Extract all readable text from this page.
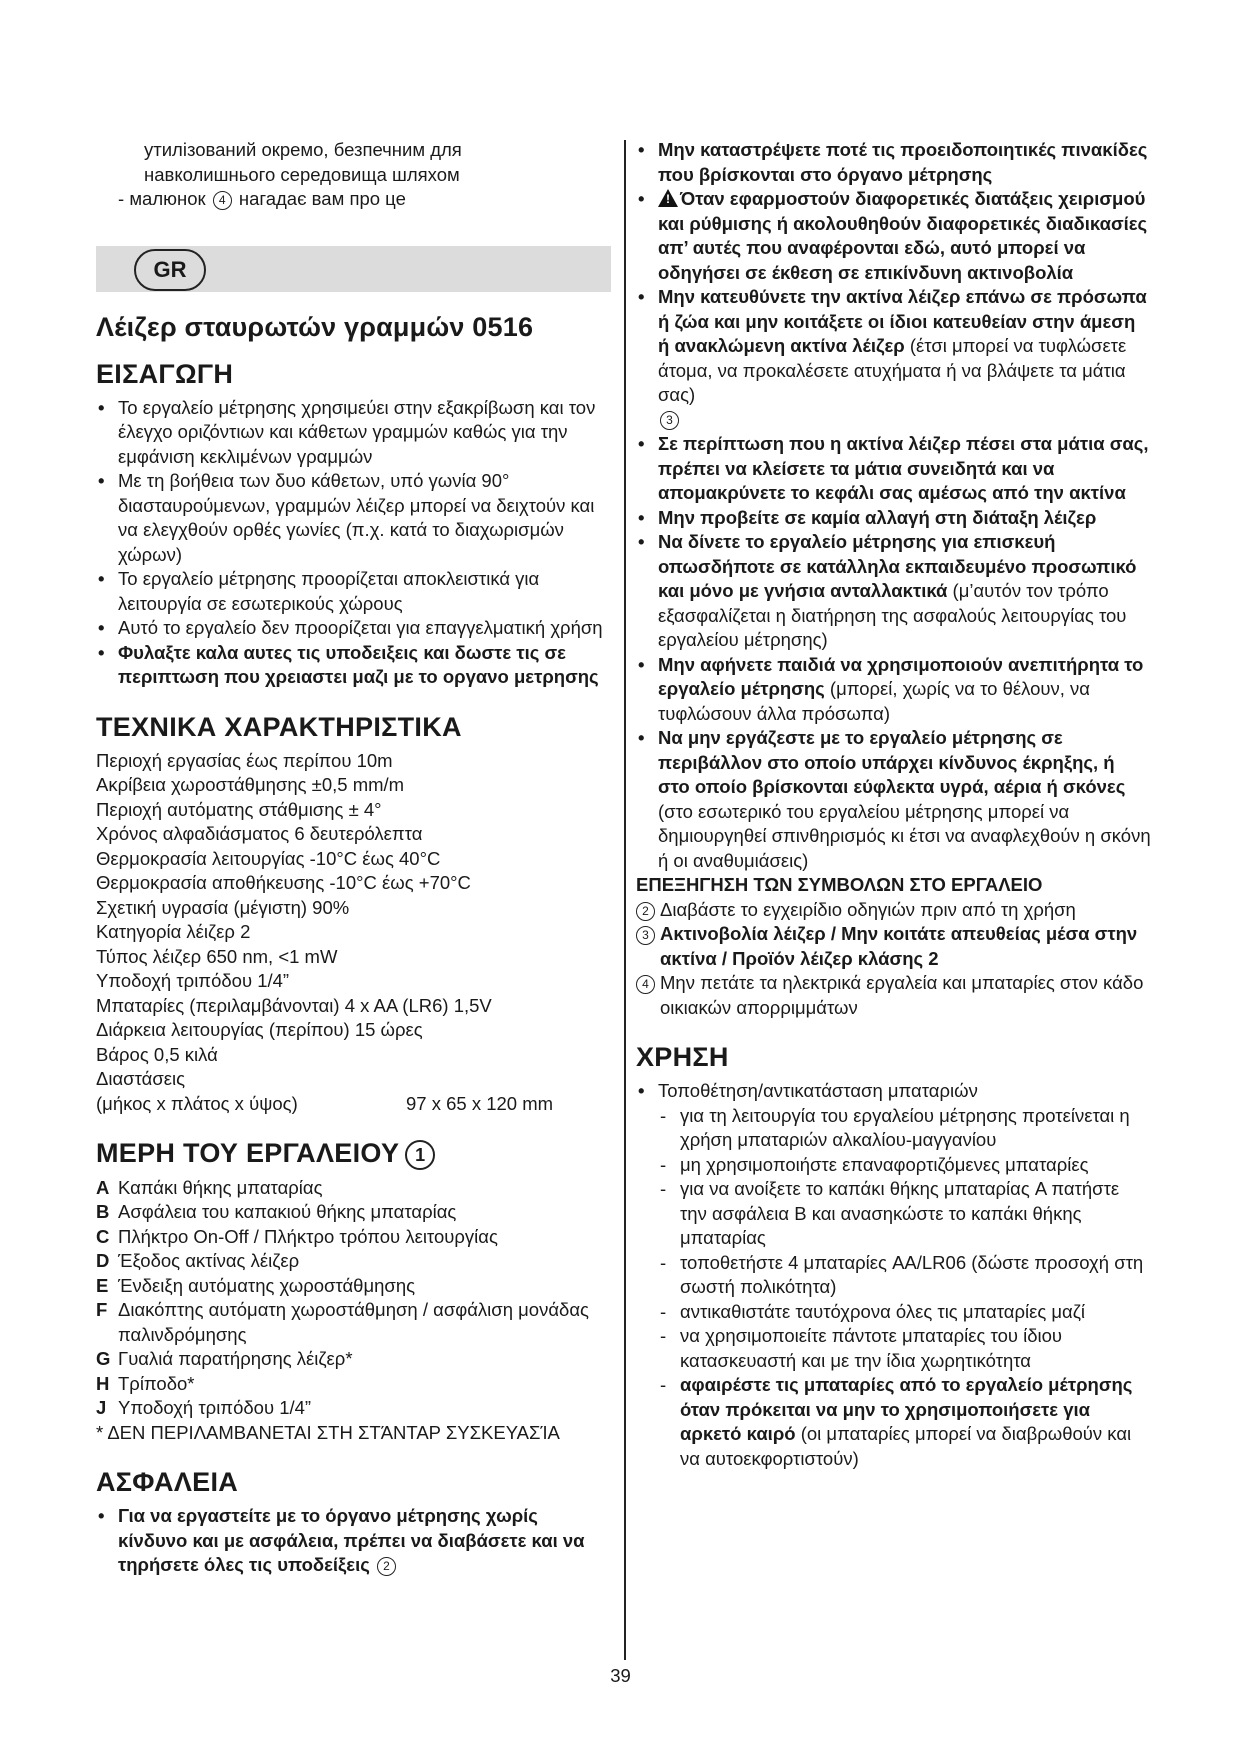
утилізований окремо, безпечним для
навколишнього середовища шляхом
- малюнок 4 нагадає вам про це
GR
Λέιζερ σταυρωτών γραμμών 0516
ΕΙΣΑΓΩΓΗ
• Το εργαλείο μέτρησης χρησιμεύει στην εξακρίβωση και τον έλεγχο οριζόντιων και κάθετων γραμμών καθώς για την εμφάνιση κεκλιμένων γραμμών
• Με τη βοήθεια των δυο κάθετων, υπό γωνία 90° διασταυρούμενων, γραμμών λέιζερ μπορεί να δειχτούν και να ελεγχθούν ορθές γωνίες (π.χ. κατά το διαχωρισμών χώρων)
• Το εργαλείο μέτρησης προορίζεται αποκλειστικά για λειτουργία σε εσωτερικούς χώρους
• Αυτό το εργαλείο δεν προορίζεται για επαγγελματική χρήση
• Φυλαξτε καλα αυτες τις υποδειξεις και δωστε τις σε περιπτωση που χρειαστει μαζι με το οργανο μετρησης
ΤΕΧΝΙΚΑ ΧΑΡΑΚΤΗΡΙΣΤΙΚΑ
Περιοχή εργασίας έως περίπου 10m
Ακρίβεια χωροστάθμησης ±0,5 mm/m
Περιοχή αυτόματης στάθμισης ± 4°
Χρόνος αλφαδιάσματος 6 δευτερόλεπτα
Θερμοκρασία λειτουργίας -10°C έως 40°C
Θερμοκρασία αποθήκευσης -10°C έως +70°C
Σχετική υγρασία (μέγιστη) 90%
Κατηγορία λέιζερ 2
Τύπος λέιζερ 650 nm, <1 mW
Υποδοχή τριπόδου 1/4”
Μπαταρίες (περιλαμβάνονται) 4 x AA (LR6) 1,5V
Διάρκεια λειτουργίας (περίπου) 15 ώρες
Βάρος 0,5 κιλά
Διαστάσεις
(μήκος x πλάτος x ύψος)	97 x 65 x 120 mm
ΜΕΡΗ ΤΟΥ ΕΡΓΑΛΕΙΟΥ 1
A Καπάκι θήκης μπαταρίας
B Ασφάλεια του καπακιού θήκης μπαταρίας
C Πλήκτρο On-Off / Πλήκτρο τρόπου λειτουργίας
D Έξοδος ακτίνας λέιζερ
E Ένδειξη αυτόματης χωροστάθμησης
F Διακόπτης αυτόματη χωροστάθμηση / ασφάλιση μονάδας παλινδρόμησης
G Γυαλιά παρατήρησης λέιζερ*
H Τρίποδο*
J Υποδοχή τριπόδου 1/4”
* ΔΕΝ ΠΕΡΙΛΑΜΒΑΝΕΤΑΙ ΣΤΗ ΣΤΆΝΤΑΡ ΣΥΣΚΕΥΑΣΊΑ
ΑΣΦΑΛΕΙΑ
• Για να εργαστείτε με το όργανο μέτρησης χωρίς κίνδυνο και με ασφάλεια, πρέπει να διαβάσετε και να τηρήσετε όλες τις υποδείξεις 2
• Μην καταστρέψετε ποτέ τις προειδοποιητικές πινακίδες που βρίσκονται στο όργανο μέτρησης
• ! Όταν εφαρμοστούν διαφορετικές διατάξεις χειρισμού και ρύθμισης ή ακολουθηθούν διαφορετικές διαδικασίες απ’ αυτές που αναφέρονται εδώ, αυτό μπορεί να οδηγήσει σε έκθεση σε επικίνδυνη ακτινοβολία
• Μην κατευθύνετε την ακτίνα λέιζερ επάνω σε πρόσωπα ή ζώα και μην κοιτάξετε οι ίδιοι κατευθείαν στην άμεση ή ανακλώμενη ακτίνα λέιζερ (έτσι μπορεί να τυφλώσετε άτομα, να προκαλέσετε ατυχήματα ή να βλάψετε τα μάτια σας)
3
• Σε περίπτωση που η ακτίνα λέιζερ πέσει στα μάτια σας, πρέπει να κλείσετε τα μάτια συνειδητά και να απομακρύνετε το κεφάλι σας αμέσως από την ακτίνα
• Μην προβείτε σε καμία αλλαγή στη διάταξη λέιζερ
• Να δίνετε το εργαλείο μέτρησης για επισκευή οπωσδήποτε σε κατάλληλα εκπαιδευμένο προσωπικό και μόνο με γνήσια ανταλλακτικά (μ’αυτόν τον τρόπο εξασφαλίζεται η διατήρηση της ασφαλούς λειτουργίας του εργαλείου μέτρησης)
• Μην αφήνετε παιδιά να χρησιμοποιούν ανεπιτήρητα το εργαλείο μέτρησης (μπορεί, χωρίς να το θέλουν, να τυφλώσουν άλλα πρόσωπα)
• Να μην εργάζεστε με το εργαλείο μέτρησης σε περιβάλλον στο οποίο υπάρχει κίνδυνος έκρηξης, ή στο οποίο βρίσκονται εύφλεκτα υγρά, αέρια ή σκόνες (στο εσωτερικό του εργαλείου μέτρησης μπορεί να δημιουργηθεί σπινθηρισμός κι έτσι να αναφλεχθούν η σκόνη ή οι αναθυμιάσεις)
ΕΠΕΞΗΓΗΣΗ ΤΩΝ ΣΥΜΒΟΛΩΝ ΣΤΟ ΕΡΓΑΛΕΙΟ
2 Διαβάστε το εγχειρίδιο οδηγιών πριν από τη χρήση
3 Ακτινοβολία λέιζερ / Μην κοιτάτε απευθείας μέσα στην ακτίνα / Προϊόν λέιζερ κλάσης 2
4 Μην πετάτε τα ηλεκτρικά εργαλεία και μπαταρίες στον κάδο οικιακών απορριμμάτων
ΧΡΗΣΗ
• Τοποθέτηση/αντικατάσταση μπαταριών
- για τη λειτουργία του εργαλείου μέτρησης προτείνεται η χρήση μπαταριών αλκαλίου-μαγγανίου
- μη χρησιμοποιήστε επαναφορτιζόμενες μπαταρίες
- για να ανοίξετε το καπάκι θήκης μπαταρίας A πατήστε την ασφάλεια B και ανασηκώστε το καπάκι θήκης μπαταρίας
- τοποθετήστε 4 μπαταρίες AA/LR06 (δώστε προσοχή στη σωστή πολικότητα)
- αντικαθιστάτε ταυτόχρονα όλες τις μπαταρίες μαζί
- να χρησιμοποιείτε πάντοτε μπαταρίες του ίδιου κατασκευαστή και με την ίδια χωρητικότητα
- αφαιρέστε τις μπαταρίες από το εργαλείο μέτρησης όταν πρόκειται να μην το χρησιμοποιήσετε για αρκετό καιρό (οι μπαταρίες μπορεί να διαβρωθούν και να αυτοεκφορτιστούν)
39
